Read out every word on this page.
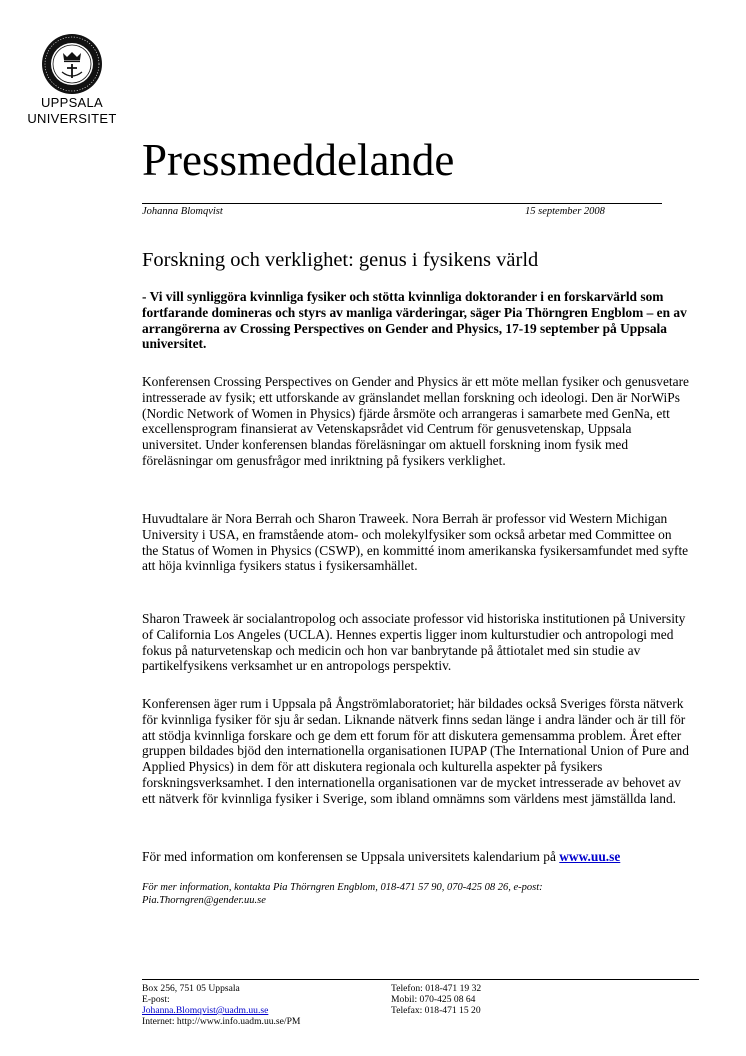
UPPSALA
UNIVERSITET
Pressmeddelande
Johanna Blomqvist	15 september 2008
Forskning och verklighet: genus i fysikens värld

- Vi vill synliggöra kvinnliga fysiker och stötta kvinnliga doktorander i en forskarvärld som fortfarande domineras och styrs av manliga värderingar, säger Pia Thörngren Engblom – en av arrangörerna av Crossing Perspectives on Gender and Physics, 17-19 september på Uppsala universitet.

Konferensen Crossing Perspectives on Gender and Physics är ett möte mellan fysiker och genusvetare intresserade av fysik; ett utforskande av gränslandet mellan forskning och ideologi. Den är NorWiPs (Nordic Network of Women in Physics) fjärde årsmöte och arrangeras i samarbete med GenNa, ett excellensprogram finansierat av Vetenskapsrådet vid Centrum för genusvetenskap, Uppsala universitet. Under konferensen blandas föreläsningar om aktuell forskning inom fysik med föreläsningar om genusfrågor med inriktning på fysikers verklighet.

Huvudtalare är Nora Berrah och Sharon Traweek. Nora Berrah är professor vid Western Michigan University i USA, en framstående atom- och molekylfysiker som också arbetar med Committee on the Status of Women in Physics (CSWP), en kommitté inom amerikanska fysikersamfundet med syfte att höja kvinnliga fysikers status i fysikersamhället.

Sharon Traweek är socialantropolog och associate professor vid historiska institutionen på University of California Los Angeles (UCLA). Hennes expertis ligger inom kulturstudier och antropologi med fokus på naturvetenskap och medicin och hon var banbrytande på åttiotalet med sin studie av partikelfysikens verksamhet ur en antropologs perspektiv.

Konferensen äger rum i Uppsala på Ångströmlaboratoriet; här bildades också Sveriges första nätverk för kvinnliga fysiker för sju år sedan. Liknande nätverk finns sedan länge i andra länder och är till för att stödja kvinnliga forskare och ge dem ett forum för att diskutera gemensamma problem. Året efter gruppen bildades bjöd den internationella organisationen IUPAP (The International Union of Pure and Applied Physics) in dem för att diskutera regionala och kulturella aspekter på fysikers forskningsverksamhet. I den internationella organisationen var de mycket intresserade av behovet av ett nätverk för kvinnliga fysiker i Sverige, som ibland omnämns som världens mest jämställda land.

För med information om konferensen se Uppsala universitets kalendarium på www.uu.se

För mer information, kontakta Pia Thörngren Engblom, 018-471 57 90, 070-425 08 26, e-post: Pia.Thorngren@gender.uu.se

Box 256, 751 05 Uppsala
E-post:
Johanna.Blomqvist@uadm.uu.se
Internet: http://www.info.uadm.uu.se/PM
Telefon: 018-471 19 32
Mobil: 070-425 08 64
Telefax: 018-471 15 20
